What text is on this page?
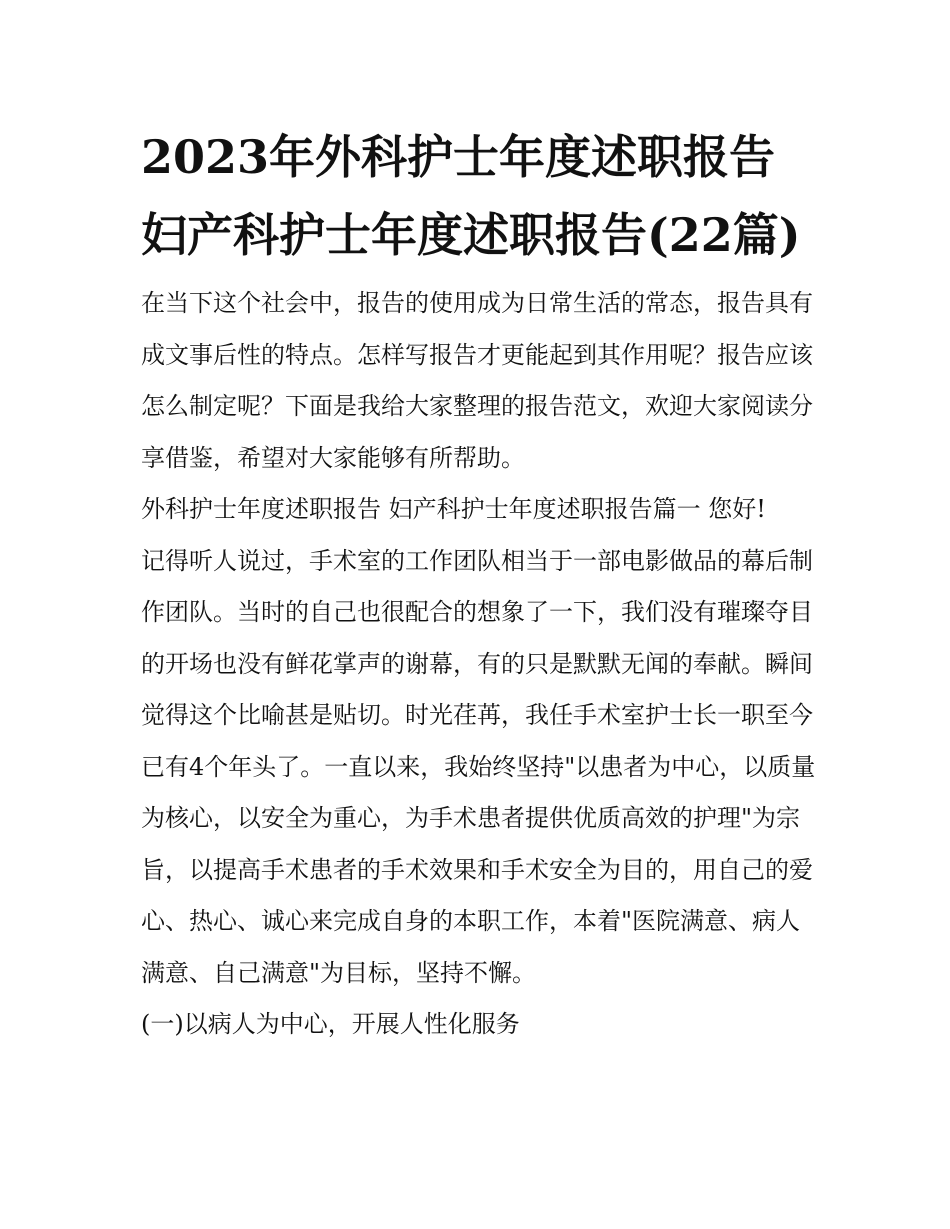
2023年外科护士年度述职报告 妇产科护士年度述职报告(22篇)

在当下这个社会中，报告的使用成为日常生活的常态，报告具有成文事后性的特点。怎样写报告才更能起到其作用呢？报告应该怎么制定呢？下面是我给大家整理的报告范文，欢迎大家阅读分享借鉴，希望对大家能够有所帮助。

外科护士年度述职报告 妇产科护士年度述职报告篇一 您好!

记得听人说过，手术室的工作团队相当于一部电影做品的幕后制作团队。当时的自己也很配合的想象了一下，我们没有璀璨夺目的开场也没有鲜花掌声的谢幕，有的只是默默无闻的奉献。瞬间觉得这个比喻甚是贴切。时光荏苒，我任手术室护士长一职至今已有4个年头了。一直以来，我始终坚持"以患者为中心，以质量为核心，以安全为重心，为手术患者提供优质高效的护理"为宗旨，以提高手术患者的手术效果和手术安全为目的，用自己的爱心、热心、诚心来完成自身的本职工作，本着"医院满意、病人满意、自己满意"为目标，坚持不懈。

(一)以病人为中心，开展人性化服务
